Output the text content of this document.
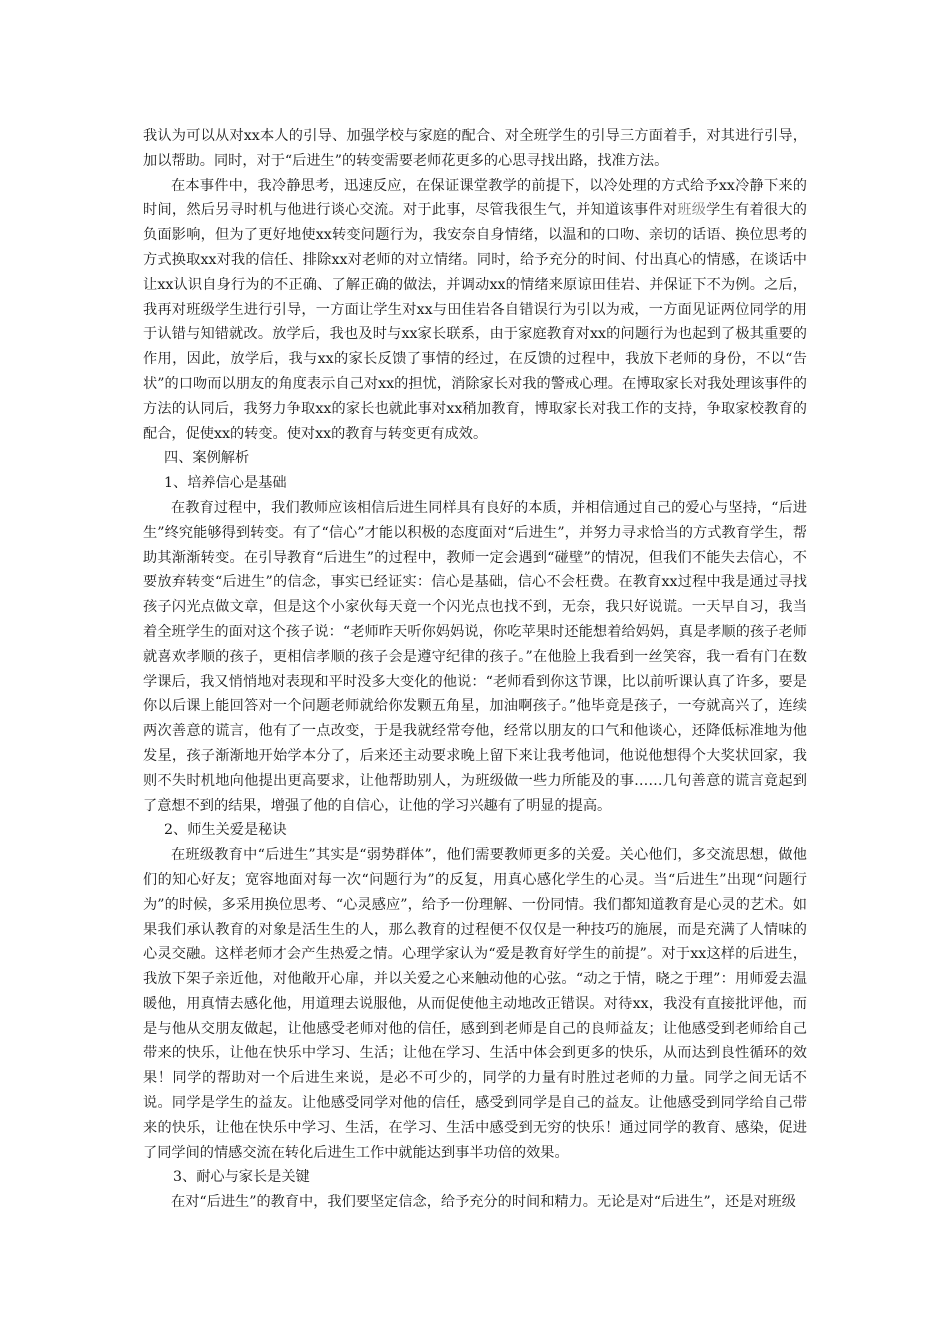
我认为可以从对xx本人的引导、加强学校与家庭的配合、对全班学生的引导三方面着手，对其进行引导，加以帮助。同时，对于“后进生”的转变需要老师花更多的心思寻找出路，找准方法。

在本事件中，我冷静思考，迅速反应，在保证课堂教学的前提下，以冷处理的方式给予xx冷静下来的时间，然后另寻时机与他进行谈心交流。对于此事，尽管我很生气，并知道该事件对班级学生有着很大的负面影响，但为了更好地使xx转变问题行为，我安奈自身情绪，以温和的口吻、亲切的话语、换位思考的方式换取xx对我的信任、排除xx对老师的对立情绪。同时，给予充分的时间、付出真心的情感，在谈话中让xx认识自身行为的不正确、了解正确的做法，并调动xx的情绪来原谅田佳岩、并保证下不为例。之后，我再对班级学生进行引导，一方面让学生对xx与田佳岩各自错误行为引以为戒，一方面见证两位同学的用于认错与知错就改。放学后，我也及时与xx家长联系，由于家庭教育对xx的问题行为也起到了极其重要的作用，因此，放学后，我与xx的家长反馈了事情的经过，在反馈的过程中，我放下老师的身份，不以“告状”的口吻而以朋友的角度表示自己对xx的担忧，消除家长对我的警戒心理。在博取家长对我处理该事件的方法的认同后，我努力争取xx的家长也就此事对xx稍加教育，博取家长对我工作的支持，争取家校教育的配合，促使xx的转变。使对xx的教育与转变更有成效。

四、案例解析

1、培养信心是基础

在教育过程中，我们教师应该相信后进生同样具有良好的本质，并相信通过自己的爱心与坚持，“后进生”终究能够得到转变。有了“信心”才能以积极的态度面对“后进生”，并努力寻求恰当的方式教育学生，帮助其渐渐转变。在引导教育“后进生”的过程中，教师一定会遇到“碰壁”的情况，但我们不能失去信心，不要放弃转变“后进生”的信念，事实已经证实：信心是基础，信心不会枉费。在教育xx过程中我是通过寻找孩子闪光点做文章，但是这个小家伙每天竟一个闪光点也找不到，无奈，我只好说谎。一天早自习，我当着全班学生的面对这个孩子说：“老师昨天听你妈妈说，你吃苹果时还能想着给妈妈，真是孝顺的孩子老师就喜欢孝顺的孩子，更相信孝顺的孩子会是遵守纪律的孩子。”在他脸上我看到一丝笑容，我一看有门在数学课后，我又悄悄地对表现和平时没多大变化的他说：“老师看到你这节课，比以前听课认真了许多，要是你以后课上能回答对一个问题老师就给你发颗五角星，加油啊孩子。”他毕竟是孩子，一夸就高兴了，连续两次善意的谎言，他有了一点改变，于是我就经常夸他，经常以朋友的口气和他谈心，还降低标准地为他发星，孩子渐渐地开始学本分了，后来还主动要求晚上留下来让我考他词，他说他想得个大奖状回家，我则不失时机地向他提出更高要求，让他帮助别人，为班级做一些力所能及的事……几句善意的谎言竟起到了意想不到的结果，增强了他的自信心，让他的学习兴趣有了明显的提高。

2、师生关爱是秘诀

在班级教育中“后进生”其实是“弱势群体”，他们需要教师更多的关爱。关心他们，多交流思想，做他们的知心好友；宽容地面对每一次“问题行为”的反复，用真心感化学生的心灵。当“后进生”出现“问题行为”的时候，多采用换位思考、“心灵感应”，给予一份理解、一份同情。我们都知道教育是心灵的艺术。如果我们承认教育的对象是活生生的人，那么教育的过程便不仅仅是一种技巧的施展，而是充满了人情味的心灵交融。这样老师才会产生热爱之情。心理学家认为“爱是教育好学生的前提”。对于xx这样的后进生，我放下架子亲近他，对他敞开心扉，并以关爱之心来触动他的心弦。“动之于情，晓之于理”：用师爱去温暖他，用真情去感化他，用道理去说服他，从而促使他主动地改正错误。对待xx，我没有直接批评他，而是与他从交朋友做起，让他感受老师对他的信任，感到到老师是自己的良师益友；让他感受到老师给自己带来的快乐，让他在快乐中学习、生活；让他在学习、生活中体会到更多的快乐，从而达到良性循环的效果！同学的帮助对一个后进生来说，是必不可少的，同学的力量有时胜过老师的力量。同学之间无话不说。同学是学生的益友。让他感受同学对他的信任，感受到同学是自己的益友。让他感受到同学给自己带来的快乐，让他在快乐中学习、生活，在学习、生活中感受到无穷的快乐！通过同学的教育、感染，促进了同学间的情感交流在转化后进生工作中就能达到事半功倍的效果。

3、耐心与家长是关键

在对“后进生”的教育中，我们要坚定信念，给予充分的时间和精力。无论是对“后进生”，还是对班级
